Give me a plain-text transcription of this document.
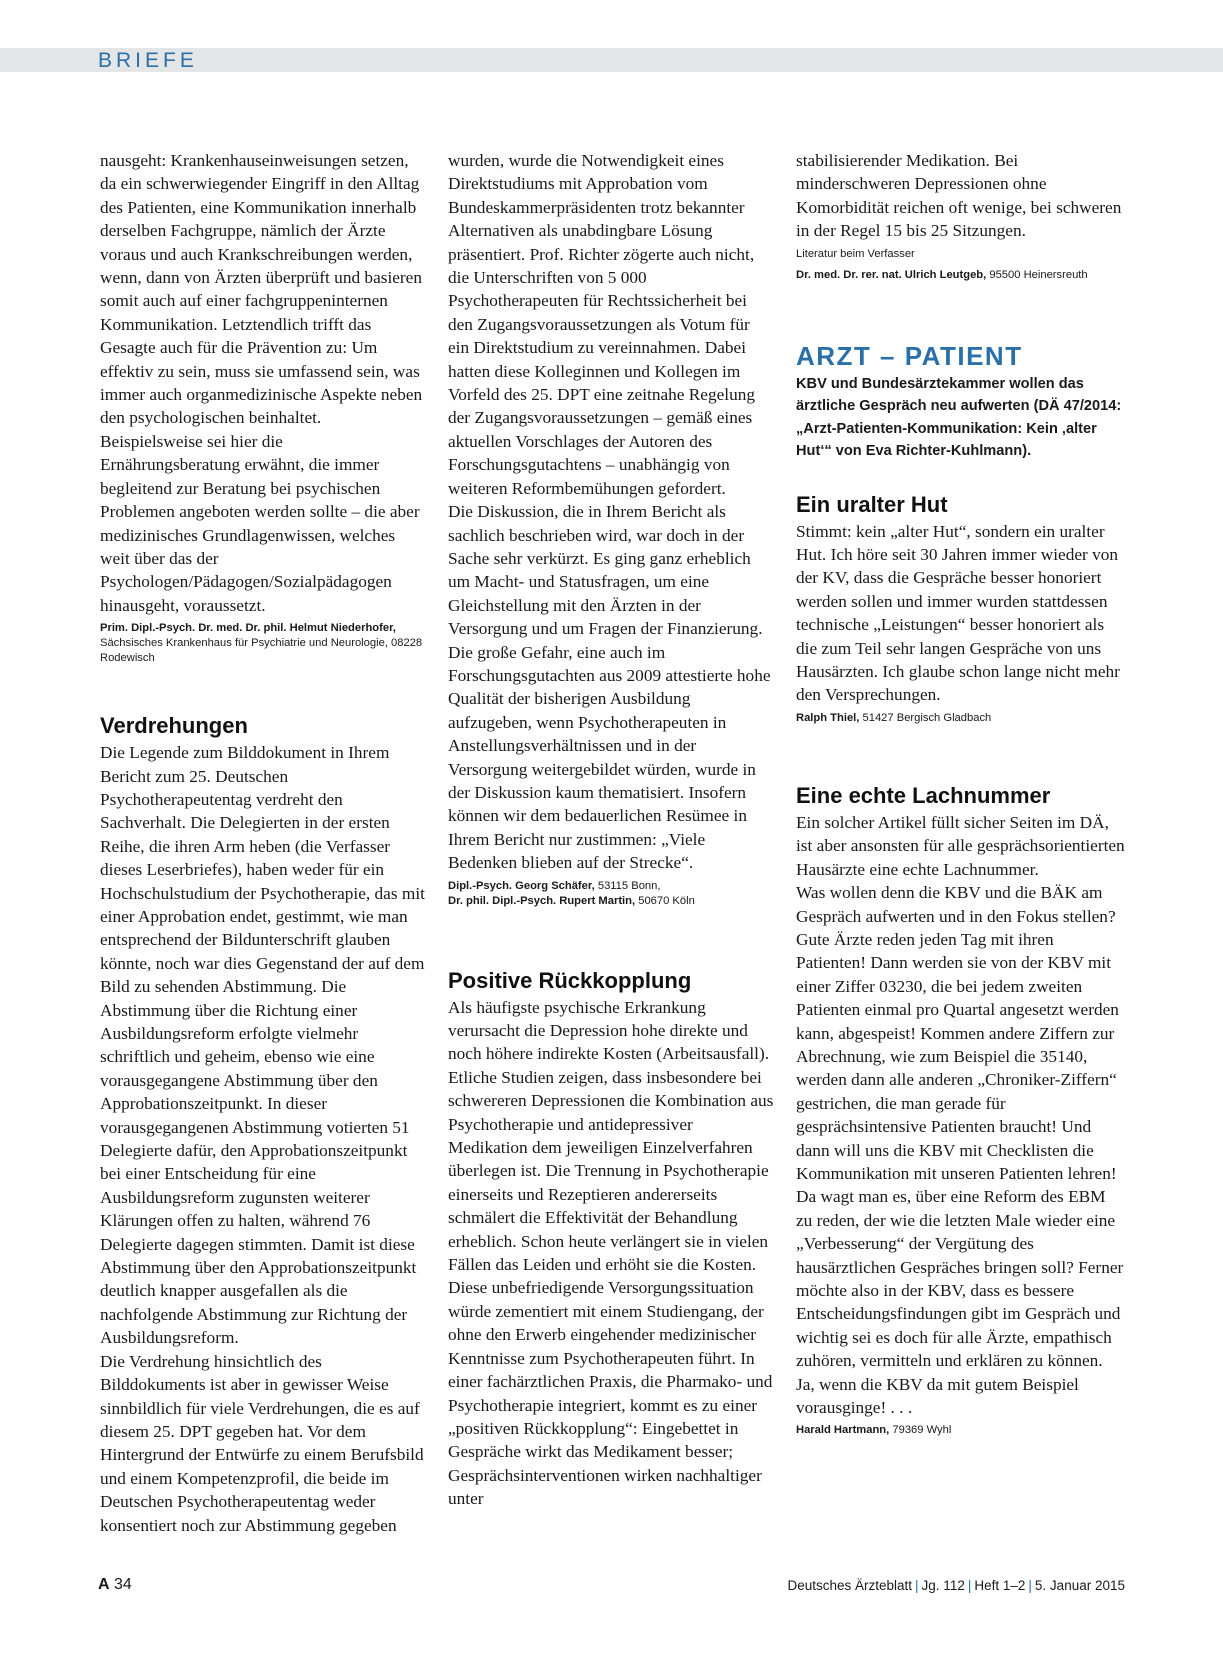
BRIEFE

nausgeht: Krankenhauseinweisungen setzen, da ein schwerwiegender Eingriff in den Alltag des Patienten, eine Kommunikation innerhalb derselben Fachgruppe, nämlich der Ärzte voraus und auch Krankschreibungen werden, wenn, dann von Ärzten überprüft und basieren somit auch auf einer fachgruppeninternen Kommunikation. Letztendlich trifft das Gesagte auch für die Prävention zu: Um effektiv zu sein, muss sie umfassend sein, was immer auch organmedizinische Aspekte neben den psychologischen beinhaltet. Beispielsweise sei hier die Ernährungsberatung erwähnt, die immer begleitend zur Beratung bei psychischen Problemen angeboten werden sollte – die aber medizinisches Grundlagenwissen, welches weit über das der Psychologen/Pädagogen/Sozialpädagogen hinausgeht, voraussetzt.

Prim. Dipl.-Psych. Dr. med. Dr. phil. Helmut Niederhofer,
Sächsisches Krankenhaus für Psychiatrie und Neurologie, 08228 Rodewisch

Verdrehungen

Die Legende zum Bilddokument in Ihrem Bericht zum 25. Deutschen Psychotherapeutentag verdreht den Sachverhalt. Die Delegierten in der ersten Reihe, die ihren Arm heben (die Verfasser dieses Leserbriefes), haben weder für ein Hochschulstudium der Psychotherapie, das mit einer Approbation endet, gestimmt, wie man entsprechend der Bildunterschrift glauben könnte, noch war dies Gegenstand der auf dem Bild zu sehenden Abstimmung. Die Abstimmung über die Richtung einer Ausbildungsreform erfolgte vielmehr schriftlich und geheim, ebenso wie eine vorausgegangene Abstimmung über den Approbationszeitpunkt. In dieser vorausgegangenen Abstimmung votierten 51 Delegierte dafür, den Approbationszeitpunkt bei einer Entscheidung für eine Ausbildungsreform zugunsten weiterer Klärungen offen zu halten, während 76 Delegierte dagegen stimmten. Damit ist diese Abstimmung über den Approbationszeitpunkt deutlich knapper ausgefallen als die nachfolgende Abstimmung zur Richtung der Ausbildungsreform.

Die Verdrehung hinsichtlich des Bilddokuments ist aber in gewisser Weise sinnbildlich für viele Verdrehungen, die es auf diesem 25. DPT gegeben hat. Vor dem Hintergrund der Entwürfe zu einem Berufsbild und einem Kompetenzprofil, die beide im Deutschen Psychotherapeutentag weder konsentiert noch zur Abstimmung gegeben

wurden, wurde die Notwendigkeit eines Direktstudiums mit Approbation vom Bundeskammerpräsidenten trotz bekannter Alternativen als unabdingbare Lösung präsentiert. Prof. Richter zögerte auch nicht, die Unterschriften von 5 000 Psychotherapeuten für Rechtssicherheit bei den Zugangsvoraussetzungen als Votum für ein Direktstudium zu vereinnahmen. Dabei hatten diese Kolleginnen und Kollegen im Vorfeld des 25. DPT eine zeitnahe Regelung der Zugangsvoraussetzungen – gemäß eines aktuellen Vorschlages der Autoren des Forschungsgutachtens – unabhängig von weiteren Reformbemühungen gefordert.

Die Diskussion, die in Ihrem Bericht als sachlich beschrieben wird, war doch in der Sache sehr verkürzt. Es ging ganz erheblich um Macht- und Statusfragen, um eine Gleichstellung mit den Ärzten in der Versorgung und um Fragen der Finanzierung. Die große Gefahr, eine auch im Forschungsgutachten aus 2009 attestierte hohe Qualität der bisherigen Ausbildung aufzugeben, wenn Psychotherapeuten in Anstellungsverhältnissen und in der Versorgung weitergebildet würden, wurde in der Diskussion kaum thematisiert. Insofern können wir dem bedauerlichen Resümee in Ihrem Bericht nur zustimmen: „Viele Bedenken blieben auf der Strecke“.

Dipl.-Psych. Georg Schäfer, 53115 Bonn,
Dr. phil. Dipl.-Psych. Rupert Martin, 50670 Köln

Positive Rückkopplung

Als häufigste psychische Erkrankung verursacht die Depression hohe direkte und noch höhere indirekte Kosten (Arbeitsausfall). Etliche Studien zeigen, dass insbesondere bei schwereren Depressionen die Kombination aus Psychotherapie und antidepressiver Medikation dem jeweiligen Einzelverfahren überlegen ist. Die Trennung in Psychotherapie einerseits und Rezeptieren andererseits schmälert die Effektivität der Behandlung erheblich. Schon heute verlängert sie in vielen Fällen das Leiden und erhöht sie die Kosten.

Diese unbefriedigende Versorgungssituation würde zementiert mit einem Studiengang, der ohne den Erwerb eingehender medizinischer Kenntnisse zum Psychotherapeuten führt. In einer fachärztlichen Praxis, die Pharmako- und Psychotherapie integriert, kommt es zu einer „positiven Rückkopplung“: Eingebettet in Gespräche wirkt das Medikament besser; Gesprächsinterventionen wirken nachhaltiger unter

stabilisierender Medikation. Bei minderschweren Depressionen ohne Komorbidität reichen oft wenige, bei schweren in der Regel 15 bis 25 Sitzungen.

Literatur beim Verfasser

Dr. med. Dr. rer. nat. Ulrich Leutgeb, 95500 Heinersreuth

ARZT – PATIENT

KBV und Bundesärztekammer wollen das ärztliche Gespräch neu aufwerten (DÄ 47/2014: „Arzt-Patienten-Kommunikation: Kein ‚alter Hut‘“ von Eva Richter-Kuhlmann).

Ein uralter Hut

Stimmt: kein „alter Hut“, sondern ein uralter Hut. Ich höre seit 30 Jahren immer wieder von der KV, dass die Gespräche besser honoriert werden sollen und immer wurden stattdessen technische „Leistungen“ besser honoriert als die zum Teil sehr langen Gespräche von uns Hausärzten. Ich glaube schon lange nicht mehr den Versprechungen.

Ralph Thiel, 51427 Bergisch Gladbach

Eine echte Lachnummer

Ein solcher Artikel füllt sicher Seiten im DÄ, ist aber ansonsten für alle gesprächsorientierten Hausärzte eine echte Lachnummer.

Was wollen denn die KBV und die BÄK am Gespräch aufwerten und in den Fokus stellen? Gute Ärzte reden jeden Tag mit ihren Patienten! Dann werden sie von der KBV mit einer Ziffer 03230, die bei jedem zweiten Patienten einmal pro Quartal angesetzt werden kann, abgespeist! Kommen andere Ziffern zur Abrechnung, wie zum Beispiel die 35140, werden dann alle anderen „Chroniker-Ziffern“ gestrichen, die man gerade für gesprächsintensive Patienten braucht! Und dann will uns die KBV mit Checklisten die Kommunikation mit unseren Patienten lehren!

Da wagt man es, über eine Reform des EBM zu reden, der wie die letzten Male wieder eine „Verbesserung“ der Vergütung des hausärztlichen Gespräches bringen soll? Ferner möchte also in der KBV, dass es bessere Entscheidungsfindungen gibt im Gespräch und wichtig sei es doch für alle Ärzte, empathisch zuhören, vermitteln und erklären zu können.

Ja, wenn die KBV da mit gutem Beispiel vorausginge! . . .

Harald Hartmann, 79369 Wyhl

A 34	Deutsches Ärzteblatt | Jg. 112 | Heft 1–2 | 5. Januar 2015
